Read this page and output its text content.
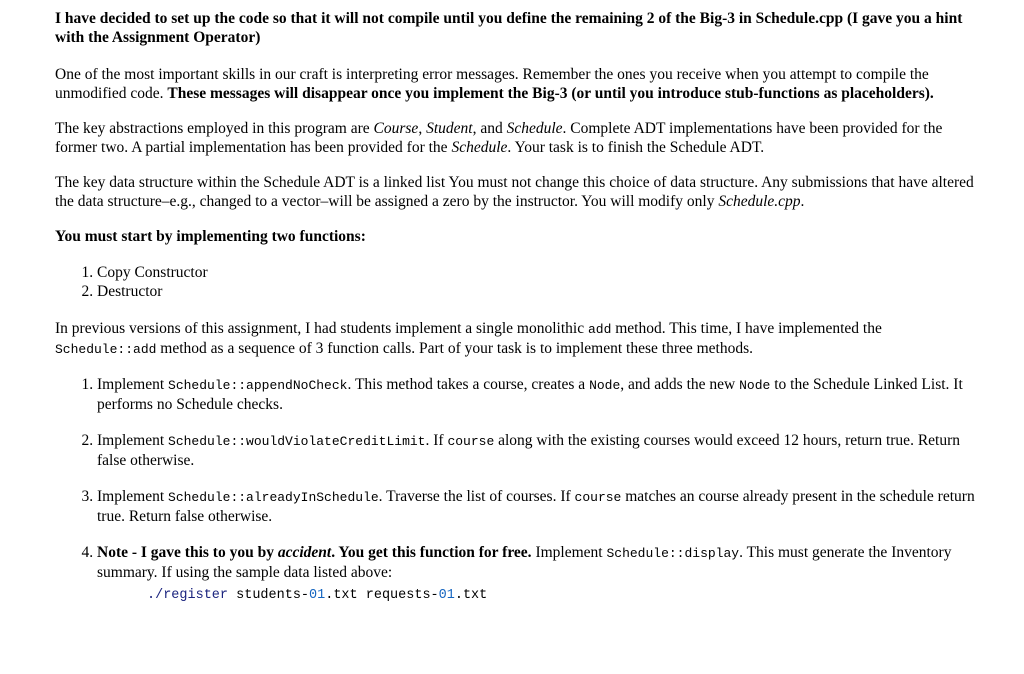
I have decided to set up the code so that it will not compile until you define the remaining 2 of the Big-3 in Schedule.cpp (I gave you a hint with the Assignment Operator)

One of the most important skills in our craft is interpreting error messages. Remember the ones you receive when you attempt to compile the unmodified code. These messages will disappear once you implement the Big-3 (or until you introduce stub-functions as placeholders).

The key abstractions employed in this program are Course, Student, and Schedule. Complete ADT implementations have been provided for the former two. A partial implementation has been provided for the Schedule. Your task is to finish the Schedule ADT.

The key data structure within the Schedule ADT is a linked list You must not change this choice of data structure. Any submissions that have altered the data structure–e.g., changed to a vector–will be assigned a zero by the instructor. You will modify only Schedule.cpp.

You must start by implementing two functions:

1. Copy Constructor
2. Destructor

In previous versions of this assignment, I had students implement a single monolithic add method. This time, I have implemented the Schedule::add method as a sequence of 3 function calls. Part of your task is to implement these three methods.

1. Implement Schedule::appendNoCheck. This method takes a course, creates a Node, and adds the new Node to the Schedule Linked List. It performs no Schedule checks.
2. Implement Schedule::wouldViolateCreditLimit. If course along with the existing courses would exceed 12 hours, return true. Return false otherwise.
3. Implement Schedule::alreadyInSchedule. Traverse the list of courses. If course matches an course already present in the schedule return true. Return false otherwise.
4. Note - I gave this to you by accident. You get this function for free. Implement Schedule::display. This must generate the Inventory summary. If using the sample data listed above:
./register students-01.txt requests-01.txt
